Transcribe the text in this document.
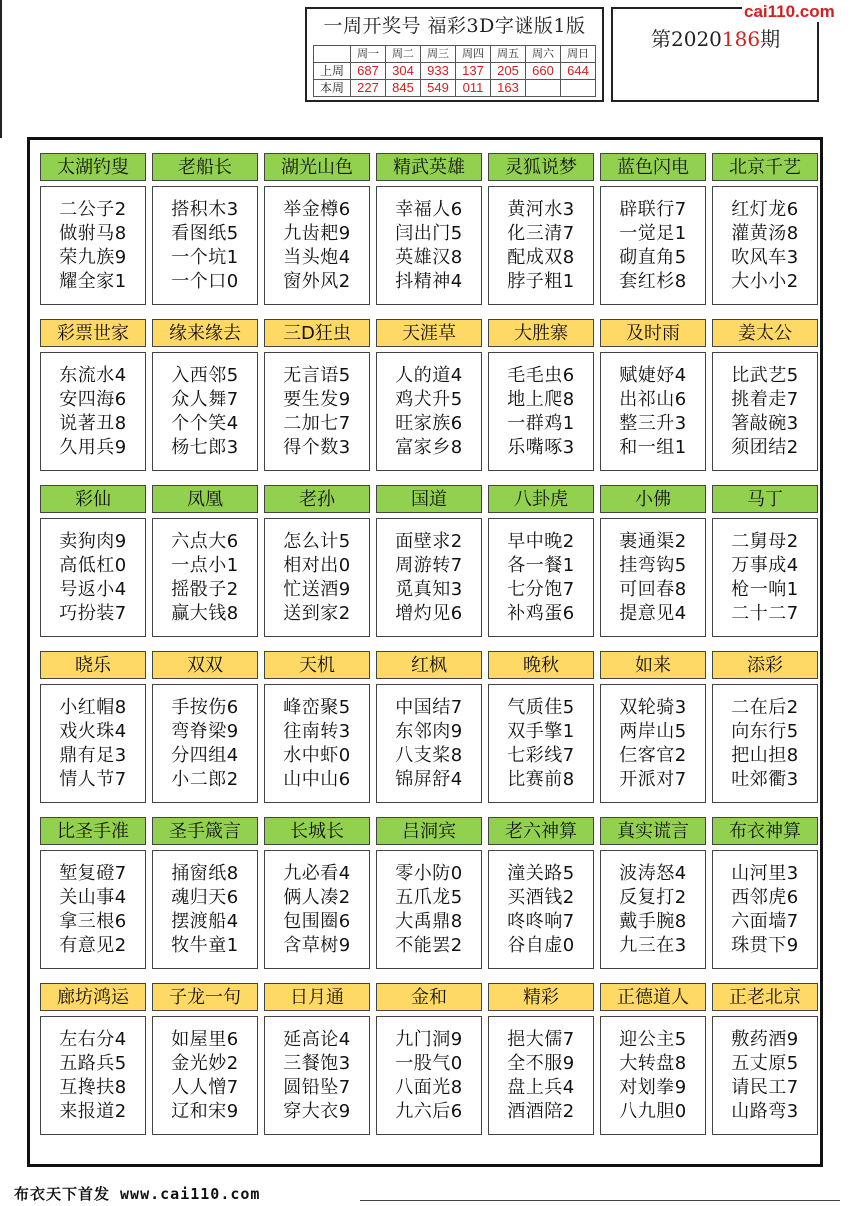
一周开奖号 福彩3D字谜版1版
	周一	周二	周三	周四	周五	周六	周日
上周	687	304	933	137	205	660	644
本周	227	845	549	011	163		
第2020186期
cai110.com
太湖钓叟
二公子2
做驸马8
荣九族9
耀全家1
老船长
搭积木3
看图纸5
一个坑1
一个口0
湖光山色
举金樽6
九齿耙9
当头炮4
窗外风2
精武英雄
幸福人6
闫出门5
英雄汉8
抖精神4
灵狐说梦
黄河水3
化三清7
配成双8
脖子粗1
蓝色闪电
辟联行7
一觉足1
砌直角5
套红杉8
北京千艺
红灯龙6
灌黄汤8
吹风车3
大小小2
彩票世家
东流水4
安四海6
说著丑8
久用兵9
缘来缘去
入西邻5
众人舞7
个个笑4
杨七郎3
三D狂虫
无言语5
要生发9
二加七7
得个数3
天涯草
人的道4
鸡犬升5
旺家族6
富家乡8
大胜寨
毛毛虫6
地上爬8
一群鸡1
乐嘴啄3
及时雨
赋婕妤4
出祁山6
整三升3
和一组1
姜太公
比武艺5
挑着走7
箸敲碗3
须团结2
彩仙
卖狗肉9
高低杠0
号返小4
巧扮装7
凤凰
六点大6
一点小1
摇骰子2
赢大钱8
老孙
怎么计5
相对出0
忙送酒9
送到家2
国道
面壁求2
周游转7
觅真知3
增灼见6
八卦虎
早中晚2
各一餐1
七分饱7
补鸡蛋6
小佛
裹通渠2
挂弯钩5
可回春8
提意见4
马丁
二舅母2
万事成4
枪一响1
二十二7
晓乐
小红帽8
戏火珠4
鼎有足3
情人节7
双双
手按伤6
弯脊梁9
分四组4
小二郎2
天机
峰峦聚5
往南转3
水中虾0
山中山6
红枫
中国结7
东邻肉9
八支桨8
锦屏舒4
晚秋
气质佳5
双手擎1
七彩线7
比赛前8
如来
双轮骑3
两岸山5
仨客官2
开派对7
添彩
二在后2
向东行5
把山担8
吐郊衢3
比圣手准
堑复磴7
关山事4
拿三根6
有意见2
圣手箴言
捅窗纸8
魂归天6
摆渡船4
牧牛童1
长城长
九必看4
俩人凑2
包围圈6
含草树9
吕洞宾
零小防0
五爪龙5
大禹鼎8
不能罢2
老六神算
潼关路5
买酒钱2
咚咚响7
谷自虚0
真实谎言
波涛怒4
反复打2
戴手腕8
九三在3
布衣神算
山河里3
西邻虎6
六面墙7
珠贯下9
廊坊鸿运
左右分4
五路兵5
互搀扶8
来报道2
子龙一句
如屋里6
金光妙2
人人憎7
辽和宋9
日月通
延高论4
三餐饱3
圆铅坠7
穿大衣9
金和
九门洞9
一股气0
八面光8
九六后6
精彩
挹大儒7
全不服9
盘上兵4
酒酒陪2
正德道人
迎公主5
大转盘8
对划拳9
八九胆0
正老北京
敷药酒9
五丈原5
请民工7
山路弯3
布衣天下首发 www.cai110.com
